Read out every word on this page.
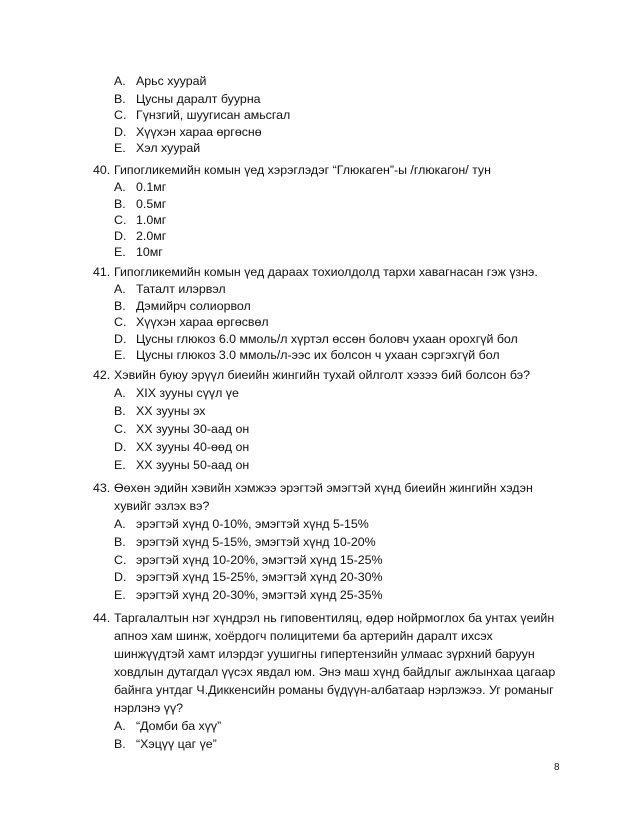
A. Арьс хуурай
B. Цусны даралт буурна
C. Гүнзгий, шуугисан амьсгал
D. Хүүхэн хараа өргөснө
E. Хэл хуурай
40. Гипогликемийн комын үед хэрэглэдэг “Глюкаген”-ы /глюкагон/ тун
A. 0.1мг
B. 0.5мг
C. 1.0мг
D. 2.0мг
E. 10мг
41. Гипогликемийн комын үед дараах тохиолдолд тархи хавагнасан гэж үзнэ.
A. Таталт илэрвэл
B. Дэмийрч солиорвол
C. Хүүхэн хараа өргөсвөл
D. Цусны глюкоз 6.0 ммоль/л хүртэл өссөн боловч ухаан орохгүй бол
E. Цусны глюкоз 3.0 ммоль/л-ээс их болсон ч ухаан сэргэхгүй бол
42. Хэвийн буюу эрүүл биеийн жингийн тухай ойлголт хэзээ бий болсон бэ?
A. XIX зууны сүүл үе
B. XX зууны эх
C. XX зууны 30-аад он
D. XX зууны 40-өөд он
E. XX зууны 50-аад он
43. Өөхөн эдийн хэвийн хэмжээ эрэгтэй эмэгтэй хүнд биеийн жингийн хэдэн
хувийг эзлэх вэ?
A. эрэгтэй хүнд 0-10%, эмэгтэй хүнд 5-15%
B. эрэгтэй хүнд 5-15%, эмэгтэй хүнд 10-20%
C. эрэгтэй хүнд 10-20%, эмэгтэй хүнд 15-25%
D. эрэгтэй хүнд 15-25%, эмэгтэй хүнд 20-30%
E. эрэгтэй хүнд 20-30%, эмэгтэй хүнд 25-35%
44. Таргалалтын нэг хүндрэл нь гиповентиляц, өдөр нойрмоглох ба унтах үеийн
апноэ хам шинж, хоёрдогч полицитеми ба артерийн даралт ихсэх
шинжүүдтэй хамт илэрдэг уушигны гипертензийн улмаас зүрхний баруун
ховдлын дутагдал үүсэх явдал юм. Энэ маш хүнд байдлыг ажлынхаа цагаар
байнга унтдаг Ч.Диккенсийн романы бүдүүн-албатаар нэрлэжээ. Уг романыг
нэрлэнэ үү?
A. “Домби ба хүү”
B. “Хэцүү цаг үе”
8
